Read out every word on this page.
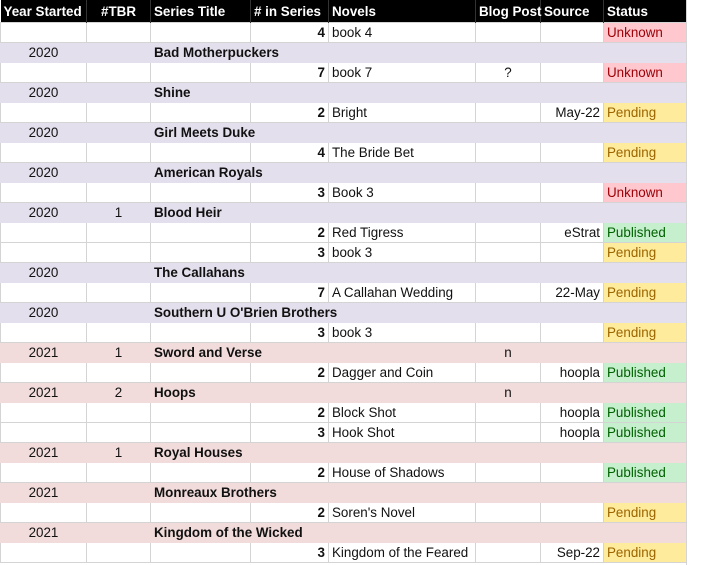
Year Started	#TBR	Series Title	# in Series	Novels	Blog Post	Source	Status
			4	book 4			Unknown
2020		Bad Motherpuckers					
			7	book 7	?		Unknown
2020		Shine					
			2	Bright		May-22	Pending
2020		Girl Meets Duke					
			4	The Bride Bet			Pending
2020		American Royals					
			3	Book 3			Unknown
2020	1	Blood Heir					
			2	Red Tigress		eStrat	Published
			3	book 3			Pending
2020		The Callahans					
			7	A Callahan Wedding		22-May	Pending
2020		Southern U O'Brien Brothers					
			3	book 3			Pending
2021	1	Sword and Verse			n		
			2	Dagger and Coin		hoopla	Published
2021	2	Hoops			n		
			2	Block Shot		hoopla	Published
			3	Hook Shot		hoopla	Published
2021	1	Royal Houses					
			2	House of Shadows			Published
2021		Monreaux Brothers					
			2	Soren's Novel			Pending
2021		Kingdom of the Wicked					
			3	Kingdom of the Feared		Sep-22	Pending
